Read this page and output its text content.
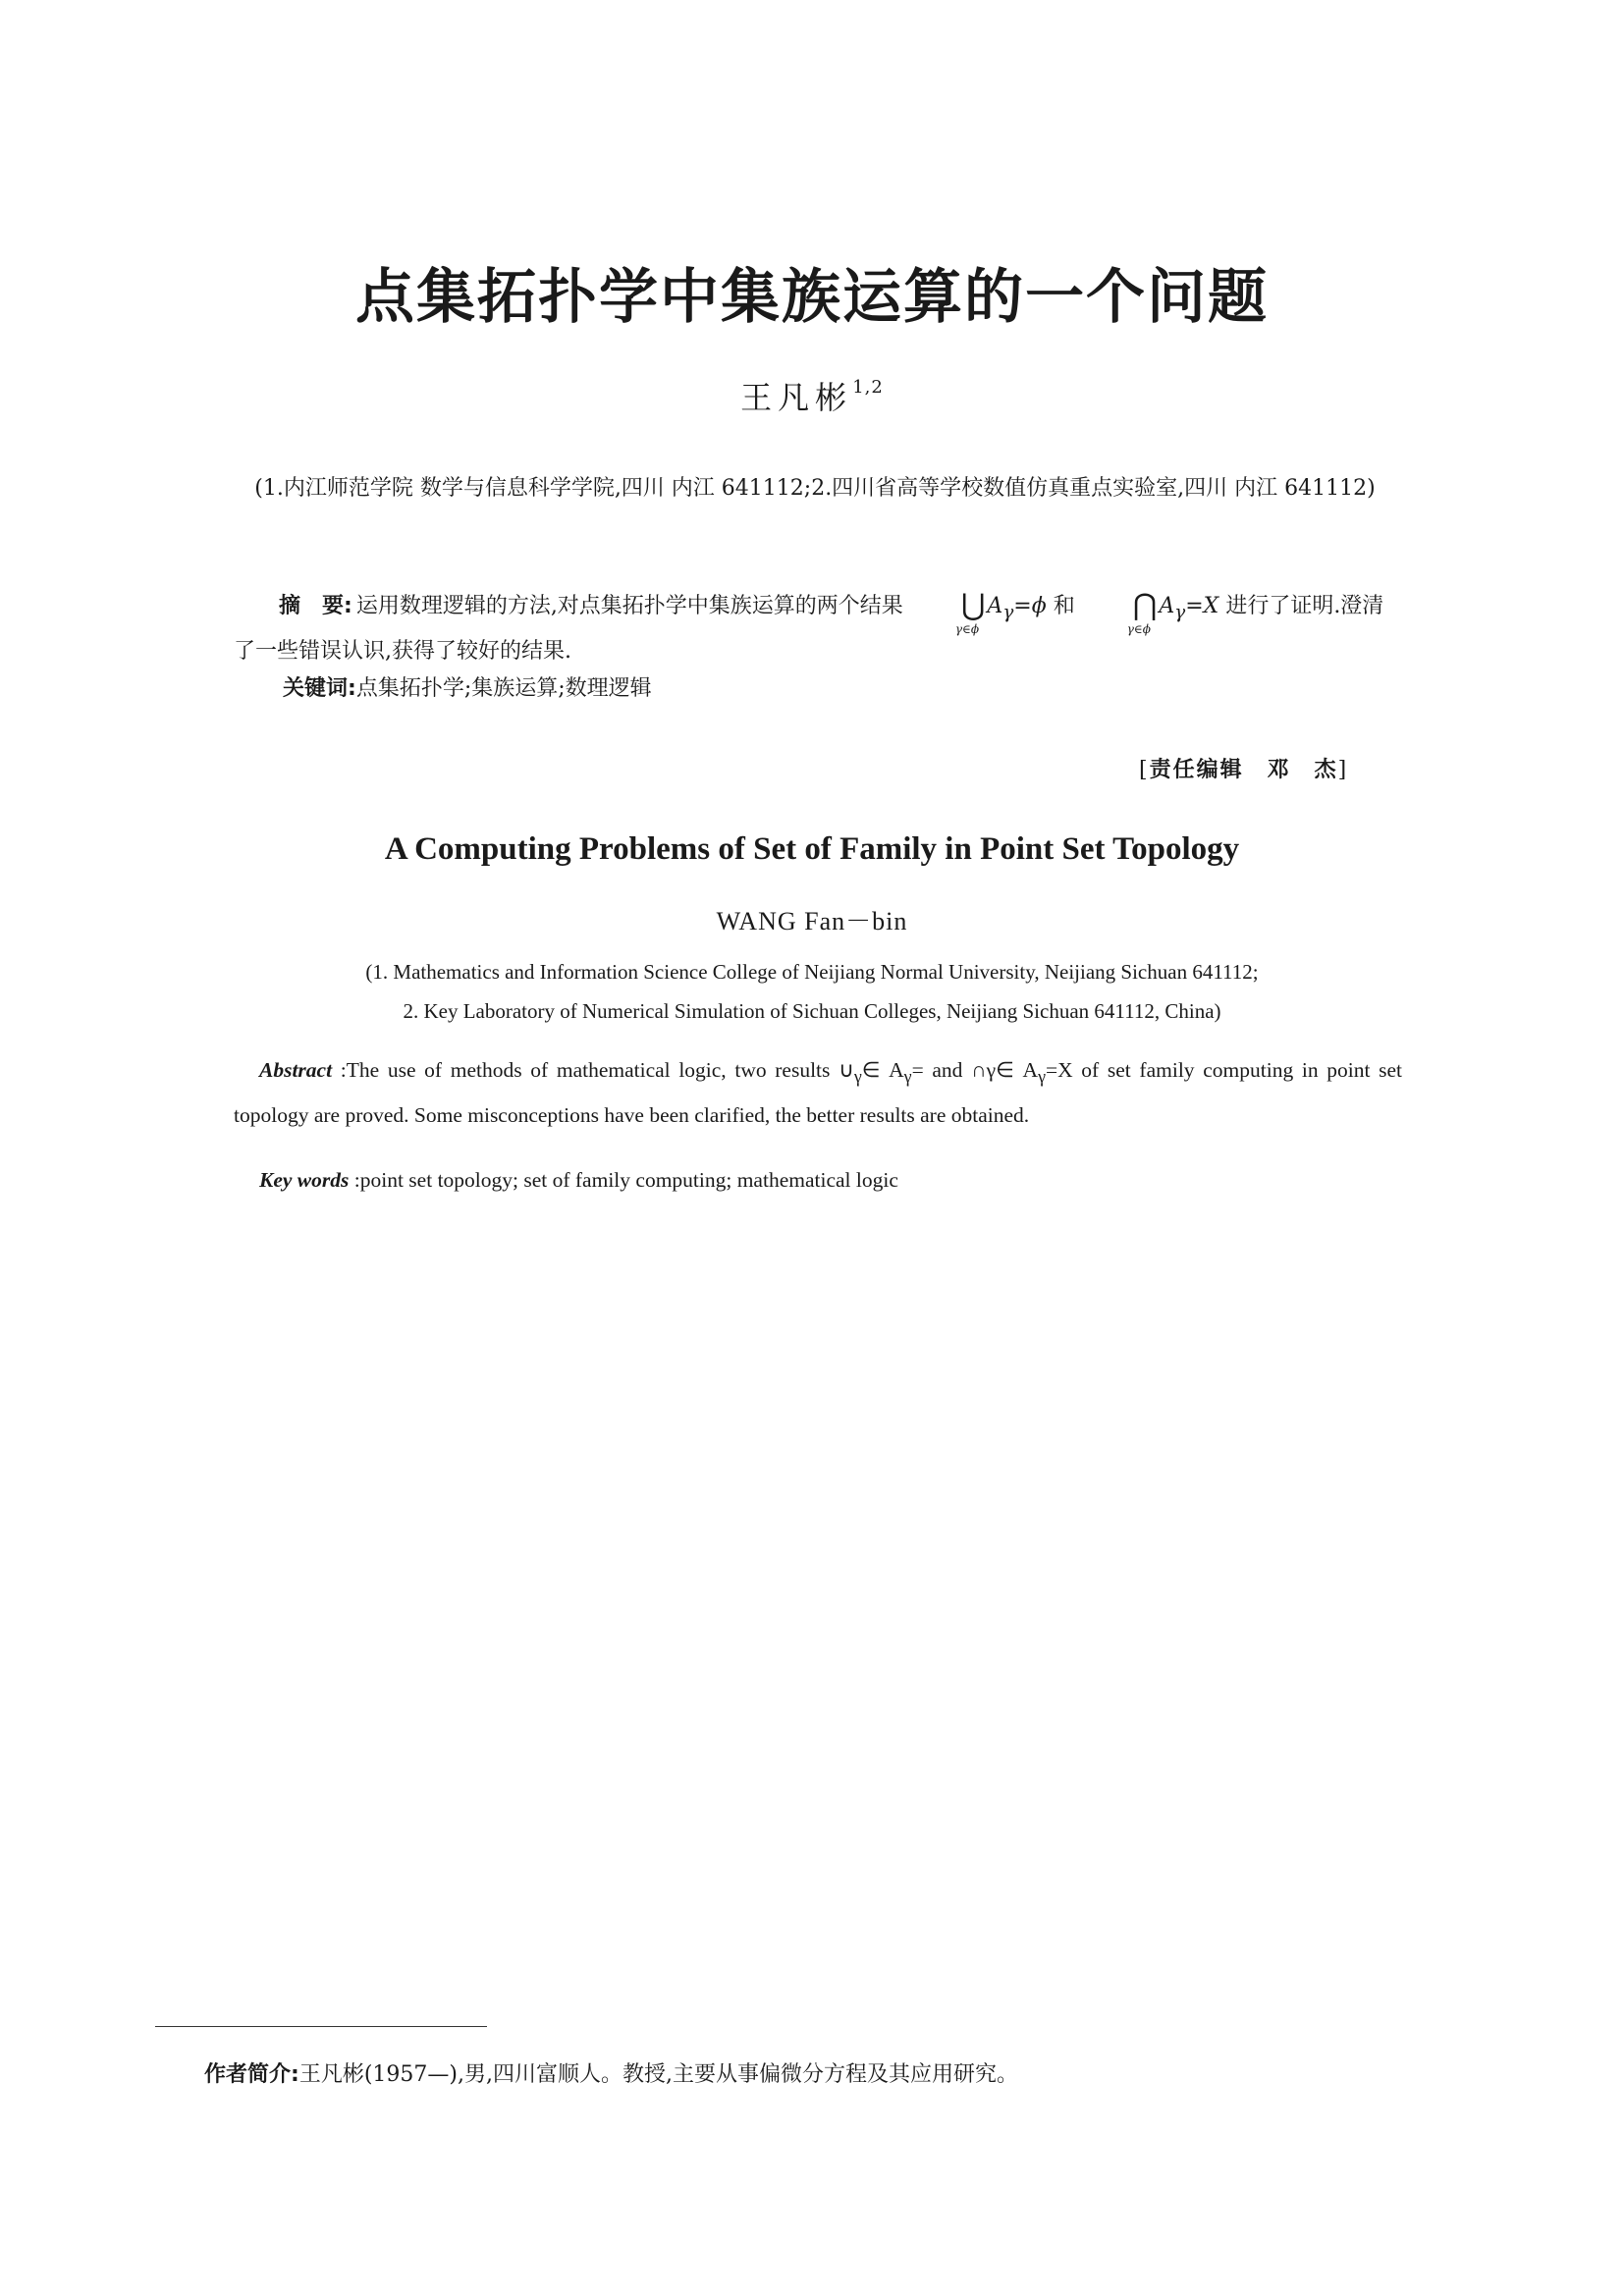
点集拓扑学中集族运算的一个问题
王凡彬$^{1,2}$
(1.内江师范学院 数学与信息科学学院,四川 内江 641112;2.四川省高等学校数值仿真重点实验室,四川 内江 641112)
摘　要: 运用数理逻辑的方法,对点集拓扑学中集族运算的两个结果 ⋃
γ∈ϕ
$A_\gamma=\phi$ 和 ⋂
γ∈ϕ
$A_\gamma=X$ 进行了证明.澄清了一些错误认识,获得了较好的结果.
关键词:点集拓扑学;集族运算;数理逻辑
[责任编辑　 邓　杰]
A Computing Problems of Set of Family in Point Set Topology
WANG Fan－bin
(1. Mathematics and Information Science College of Neijiang Normal University, Neijiang Sichuan 641112;
2. Key Laboratory of Numerical Simulation of Sichuan Colleges, Neijiang Sichuan 641112, China)
Abstract :The use of methods of mathematical logic, two results $\cup_\gamma\in$ $A_\gamma=$ and ∩γ∈ $A_\gamma=X$ of set family computing in point set topology are proved. Some misconceptions have been clarified, the better results are obtained.
Key words :point set topology; set of family computing; mathematical logic
作者简介:王凡彬(1957—),男,四川富顺人。教授,主要从事偏微分方程及其应用研究。
